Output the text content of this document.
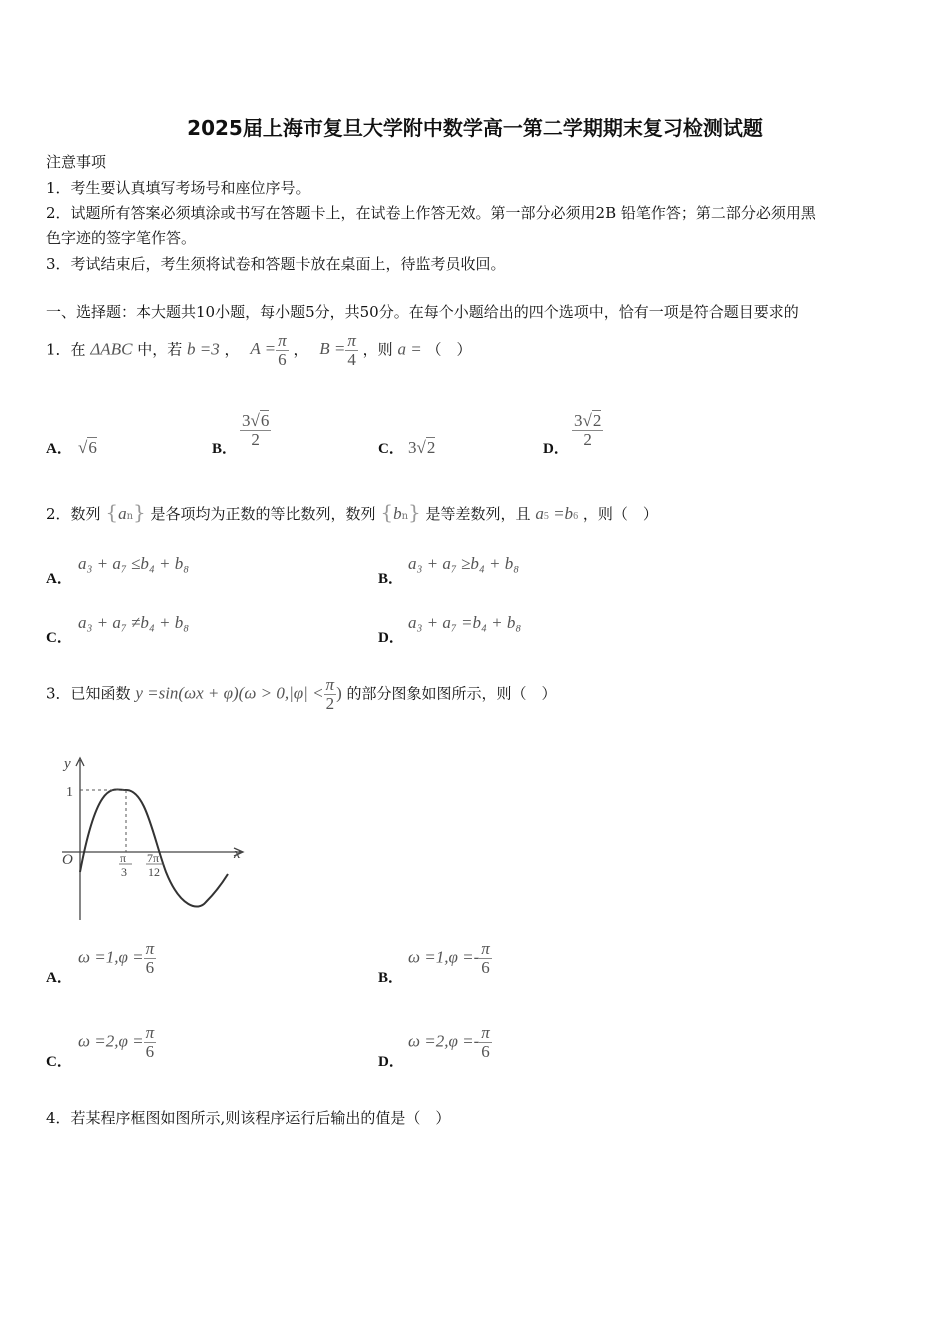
2025届上海市复旦大学附中数学高一第二学期期末复习检测试题
注意事项
1．考生要认真填写考场号和座位序号。
2．试题所有答案必须填涂或书写在答题卡上，在试卷上作答无效。第一部分必须用2B 铅笔作答；第二部分必须用黑
色字迹的签字笔作答。
3．考试结束后，考生须将试卷和答题卡放在桌面上，待监考员收回。
一、选择题：本大题共10小题，每小题5分，共50分。在每个小题给出的四个选项中，恰有一项是符合题目要求的
1．在 ΔABC 中，若 b =3 ， $A = \frac{\pi}{6}$ ， $B = \frac{\pi}{4}$ ，则 a = （　）
A． √6	B．
$\frac{3√6}{2}$
C． 3√2	D．
$\frac{3√2}{2}$
2．数列 {an} 是各项均为正数的等比数列，数列 {bn} 是等差数列，且 a5 =b6 ，则（　）
A．
a₃ + a₇ ≤b₄ + b₈
B．
a₃ + a₇ ≥b₄ + b₈
C．
a₃ + a₇ ≠b₄ + b₈
D．
a₃ + a₇ =b₄ + b₈
3．已知函数 $y =\sin(\omega x + \varphi)(\omega > 0,|\varphi| < \frac{\pi}{2}$ ) 的部分图象如图所示，则（　）
y
x
O
1
π
3
7π
12
A．
$\omega =1,\varphi = \frac{\pi}{6}$
B．
$\omega =1,\varphi =- \frac{\pi}{6}$
C．
$\omega =2,\varphi = \frac{\pi}{6}$
D．
$\omega =2,\varphi =- \frac{\pi}{6}$
4．若某程序框图如图所示,则该程序运行后输出的值是（　）
